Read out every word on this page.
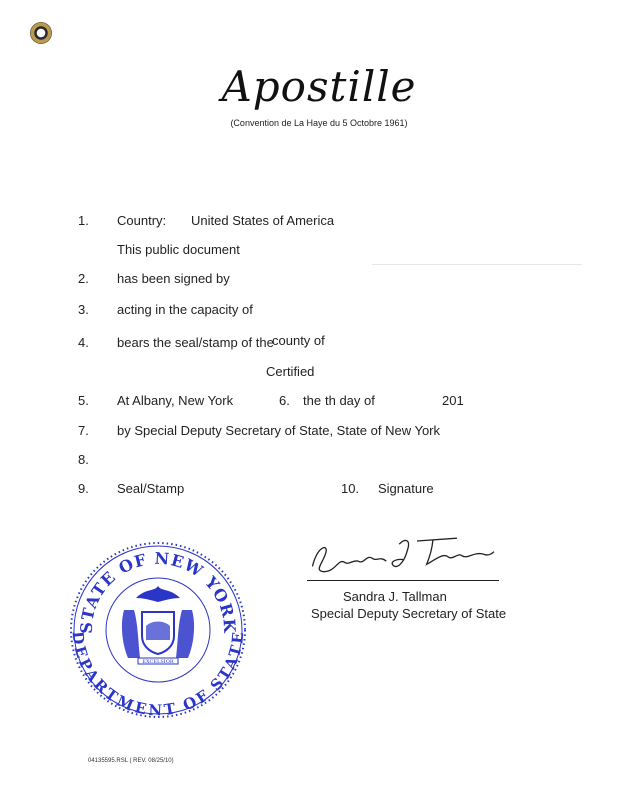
Apostille
(Convention de La Haye du 5 Octobre 1961)
1. Country: United States of America
This public document
2. has been signed by
3. acting in the capacity of
4. bears the seal/stamp of the
county of
Certified
5. At Albany, New York	6. the th day of	201
7. by Special Deputy Secretary of State, State of New York
8.
9. Seal/Stamp	10. Signature
Sandra J. Tallman
Special Deputy Secretary of State
STATE OF NEW YORK
DEPARTMENT OF STATE
EXCELSIOR
04135595.RSL ( REV. 08/25/10)
